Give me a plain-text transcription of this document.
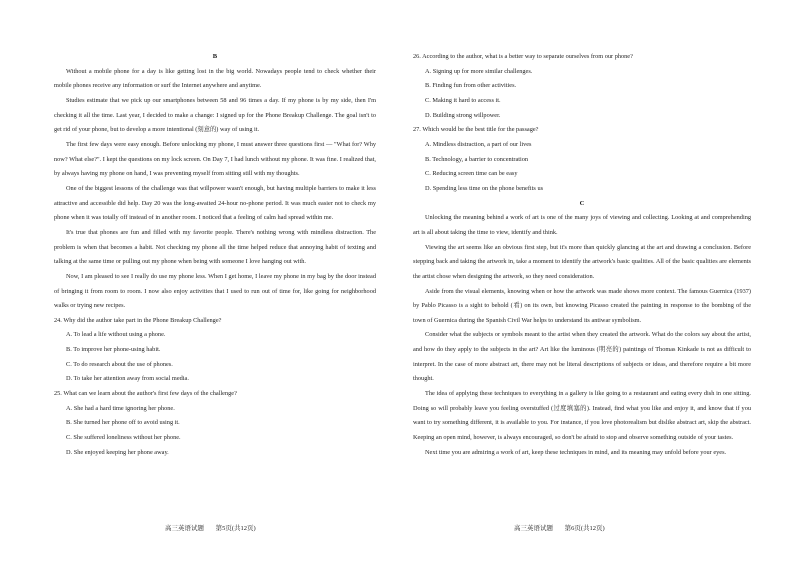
B

Without a mobile phone for a day is like getting lost in the big world. Nowadays people tend to check whether their mobile phones receive any information or surf the Internet anywhere and anytime.

Studies estimate that we pick up our smartphones between 58 and 96 times a day. If my phone is by my side, then I'm checking it all the time. Last year, I decided to make a change: I signed up for the Phone Breakup Challenge. The goal isn't to get rid of your phone, but to develop a more intentional (刻意的) way of using it.

The first few days were easy enough. Before unlocking my phone, I must answer three questions first — "What for? Why now? What else?". I kept the questions on my lock screen. On Day 7, I had lunch without my phone. It was fine. I realized that, by always having my phone on hand, I was preventing myself from sitting still with my thoughts.

One of the biggest lessons of the challenge was that willpower wasn't enough, but having multiple barriers to make it less attractive and accessible did help. Day 20 was the long-awaited 24-hour no-phone period. It was much easier not to check my phone when it was totally off instead of in another room. I noticed that a feeling of calm had spread within me.

It's true that phones are fun and filled with my favorite people. There's nothing wrong with mindless distraction. The problem is when that becomes a habit. Not checking my phone all the time helped reduce that annoying habit of texting and talking at the same time or pulling out my phone when being with someone I love hanging out with.

Now, I am pleased to see I really do use my phone less. When I get home, I leave my phone in my bag by the door instead of bringing it from room to room. I now also enjoy activities that I used to run out of time for, like going for neighborhood walks or trying new recipes.

24. Why did the author take part in the Phone Breakup Challenge?

A. To lead a life without using a phone.

B. To improve her phone-using habit.

C. To do research about the use of phones.

D. To take her attention away from social media.

25. What can we learn about the author's first few days of the challenge?

A. She had a hard time ignoring her phone.

B. She turned her phone off to avoid using it.

C. She suffered loneliness without her phone.

D. She enjoyed keeping her phone away.

26. According to the author, what is a better way to separate ourselves from our phone?

A. Signing up for more similar challenges.

B. Finding fun from other activities.

C. Making it hard to access it.

D. Building strong willpower.

27. Which would be the best title for the passage?

A. Mindless distraction, a part of our lives

B. Technology, a barrier to concentration

C. Reducing screen time can be easy

D. Spending less time on the phone benefits us

C

Unlocking the meaning behind a work of art is one of the many joys of viewing and collecting. Looking at and comprehending art is all about taking the time to view, identify and think.

Viewing the art seems like an obvious first step, but it's more than quickly glancing at the art and drawing a conclusion. Before stepping back and taking the artwork in, take a moment to identify the artwork's basic qualities. All of the basic qualities are elements the artist chose when designing the artwork, so they need consideration.

Aside from the visual elements, knowing when or how the artwork was made shows more context. The famous Guernica (1937) by Pablo Picasso is a sight to behold (看) on its own, but knowing Picasso created the painting in response to the bombing of the town of Guernica during the Spanish Civil War helps to understand its antiwar symbolism.

Consider what the subjects or symbols meant to the artist when they created the artwork. What do the colors say about the artist, and how do they apply to the subjects in the art? Art like the luminous (明亮的) paintings of Thomas Kinkade is not as difficult to interpret. In the case of more abstract art, there may not be literal descriptions of subjects or ideas, and therefore require a bit more thought.

The idea of applying these techniques to everything in a gallery is like going to a restaurant and eating every dish in one sitting. Doing so will probably leave you feeling overstuffed (过度填塞的). Instead, find what you like and enjoy it, and know that if you want to try something different, it is available to you. For instance, if you love photorealism but dislike abstract art, skip the abstract. Keeping an open mind, however, is always encouraged, so don't be afraid to stop and observe something outside of your tastes.

Next time you are admiring a work of art, keep these techniques in mind, and its meaning may unfold before your eyes.

高三英语试题 第5页(共12页)	高三英语试题 第6页(共12页)
